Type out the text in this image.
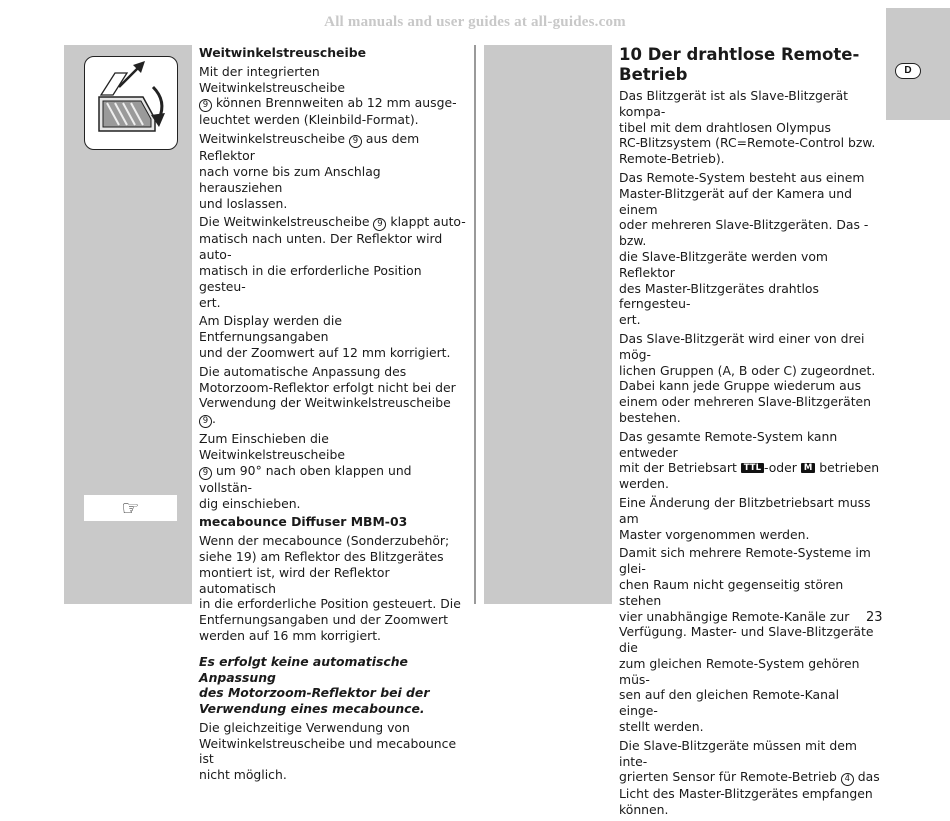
All manuals and user guides at all-guides.com
D
☞

Weitwinkelstreuscheibe

Mit der integrierten Weitwinkelstreuscheibe
9 können Brennweiten ab 12 mm ausge-
leuchtet werden (Kleinbild-Format).

Weitwinkelstreuscheibe 9 aus dem Reflektor
nach vorne bis zum Anschlag herausziehen
und loslassen.

Die Weitwinkelstreuscheibe 9 klappt auto-
matisch nach unten. Der Reflektor wird auto-
matisch in die erforderliche Position gesteu-
ert.

Am Display werden die Entfernungsangaben
und der Zoomwert auf 12 mm korrigiert.

Die automatische Anpassung des
Motorzoom-Reflektor erfolgt nicht bei der
Verwendung der Weitwinkelstreuscheibe 9 .

Zum Einschieben die Weitwinkelstreuscheibe
9 um 90° nach oben klappen und vollstän-
dig einschieben.

mecabounce Diffuser MBM-03

Wenn der mecabounce (Sonderzubehör;
siehe 19) am Reflektor des Blitzgerätes
montiert ist, wird der Reflektor automatisch
in die erforderliche Position gesteuert. Die
Entfernungsangaben und der Zoomwert
werden auf 16 mm korrigiert.

Es erfolgt keine automatische Anpassung
des Motorzoom-Reflektor bei der
Verwendung eines mecabounce.

Die gleichzeitige Verwendung von
Weitwinkelstreuscheibe und mecabounce ist
nicht möglich.

10 Der drahtlose Remote-Betrieb

Das Blitzgerät ist als Slave-Blitzgerät kompa-
tibel mit dem drahtlosen Olympus
RC-Blitzsystem (RC=Remote-Control bzw.
Remote-Betrieb).

Das Remote-System besteht aus einem
Master-Blitzgerät auf der Kamera und einem
oder mehreren Slave-Blitzgeräten. Das - bzw.
die Slave-Blitzgeräte werden vom Reflektor
des Master-Blitzgerätes drahtlos ferngesteu-
ert.

Das Slave-Blitzgerät wird einer von drei mög-
lichen Gruppen (A, B oder C) zugeordnet.
Dabei kann jede Gruppe wiederum aus
einem oder mehreren Slave-Blitzgeräten
bestehen.

Das gesamte Remote-System kann entweder
mit der Betriebsart TTL -oder M betrieben
werden.

Eine Änderung der Blitzbetriebsart muss am
Master vorgenommen werden.

Damit sich mehrere Remote-Systeme im glei-
chen Raum nicht gegenseitig stören stehen
vier unabhängige Remote-Kanäle zur
Verfügung. Master- und Slave-Blitzgeräte die
zum gleichen Remote-System gehören müs-
sen auf den gleichen Remote-Kanal einge-
stellt werden.

Die Slave-Blitzgeräte müssen mit dem inte-
grierten Sensor für Remote-Betrieb 4 das
Licht des Master-Blitzgerätes empfangen
können.

23
